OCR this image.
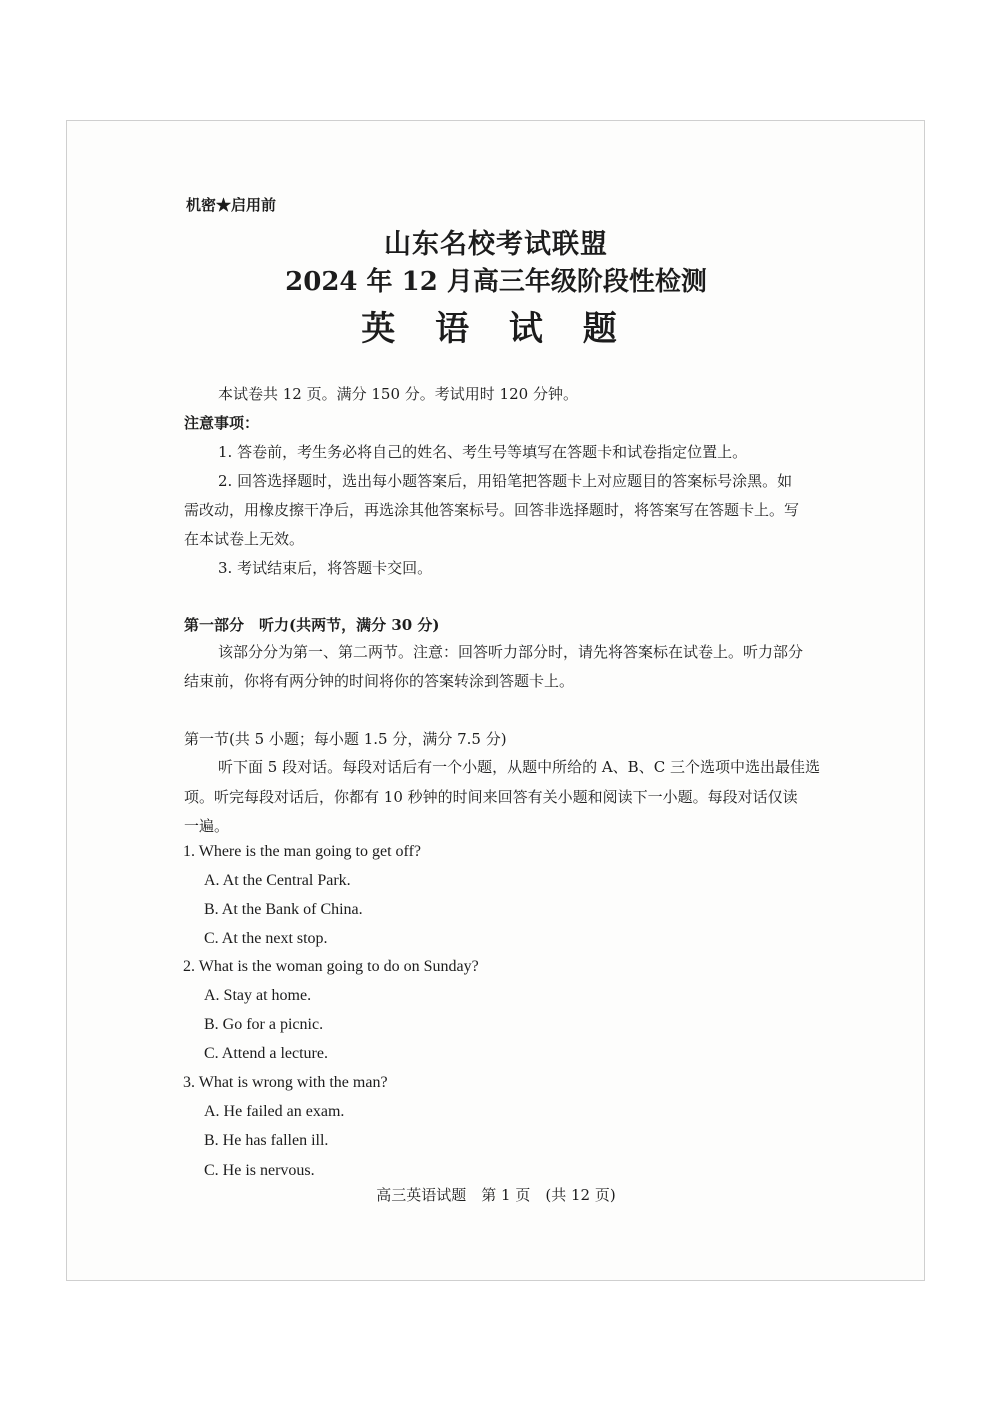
机密★启用前
山东名校考试联盟
2024 年 12 月高三年级阶段性检测
英 语 试 题
本试卷共 12 页。满分 150 分。考试用时 120 分钟。
注意事项：
1. 答卷前，考生务必将自己的姓名、考生号等填写在答题卡和试卷指定位置上。
2. 回答选择题时，选出每小题答案后，用铅笔把答题卡上对应题目的答案标号涂黑。如
需改动，用橡皮擦干净后，再选涂其他答案标号。回答非选择题时，将答案写在答题卡上。写
在本试卷上无效。
3. 考试结束后，将答题卡交回。
第一部分　听力(共两节，满分 30 分)
该部分分为第一、第二两节。注意：回答听力部分时，请先将答案标在试卷上。听力部分
结束前，你将有两分钟的时间将你的答案转涂到答题卡上。
第一节(共 5 小题；每小题 1.5 分，满分 7.5 分)
听下面 5 段对话。每段对话后有一个小题，从题中所给的 A、B、C 三个选项中选出最佳选
项。听完每段对话后，你都有 10 秒钟的时间来回答有关小题和阅读下一小题。每段对话仅读
一遍。
1. Where is the man going to get off?
A. At the Central Park.
B. At the Bank of China.
C. At the next stop.
2. What is the woman going to do on Sunday?
A. Stay at home.
B. Go for a picnic.
C. Attend a lecture.
3. What is wrong with the man?
A. He failed an exam.
B. He has fallen ill.
C. He is nervous.
高三英语试题　第 1 页　(共 12 页)
